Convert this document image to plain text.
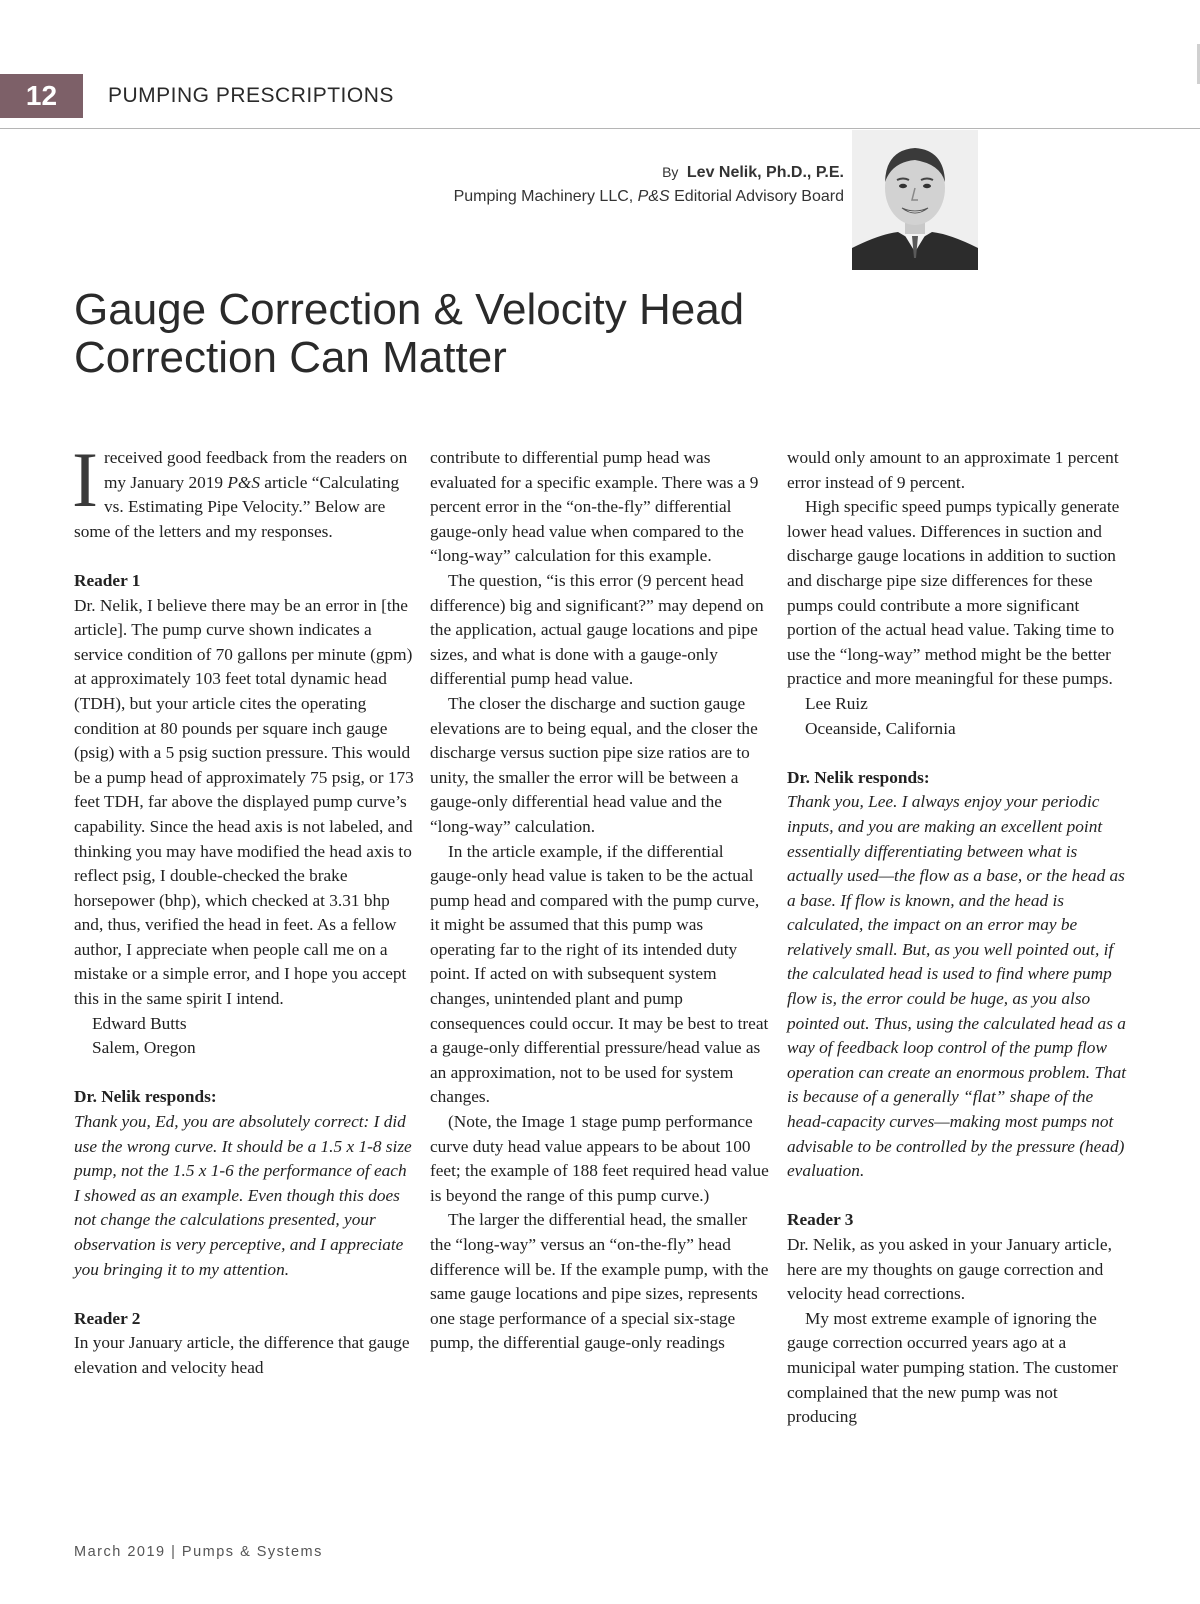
12	PUMPING PRESCRIPTIONS
By Lev Nelik, Ph.D., P.E.
Pumping Machinery LLC, P&S Editorial Advisory Board
Gauge Correction & Velocity Head
Correction Can Matter

Ireceived good feedback from the readers on my January 2019 P&S article “Calculating vs. Estimating Pipe Velocity.” Below are some of the letters and my responses.

Reader 1

Dr. Nelik, I believe there may be an error in [the article]. The pump curve shown indicates a service condition of 70 gallons per minute (gpm) at approximately 103 feet total dynamic head (TDH), but your article cites the operating condition at 80 pounds per square inch gauge (psig) with a 5 psig suction pressure. This would be a pump head of approximately 75 psig, or 173 feet TDH, far above the displayed pump curve’s capability. Since the head axis is not labeled, and thinking you may have modified the head axis to reflect psig, I double-checked the brake horsepower (bhp), which checked at 3.31 bhp and, thus, verified the head in feet. As a fellow author, I appreciate when people call me on a mistake or a simple error, and I hope you accept this in the same spirit I intend.

Edward Butts

Salem, Oregon

Dr. Nelik responds:

Thank you, Ed, you are absolutely correct: I did use the wrong curve. It should be a 1.5 x 1-8 size pump, not the 1.5 x 1-6 the performance of each I showed as an example. Even though this does not change the calculations presented, your observation is very perceptive, and I appreciate you bringing it to my attention.

Reader 2

In your January article, the difference that gauge elevation and velocity head

contribute to differential pump head was evaluated for a specific example. There was a 9 percent error in the “on-the-fly” differential gauge-only head value when compared to the “long-way” calculation for this example.

The question, “is this error (9 percent head difference) big and significant?” may depend on the application, actual gauge locations and pipe sizes, and what is done with a gauge-only differential pump head value.

The closer the discharge and suction gauge elevations are to being equal, and the closer the discharge versus suction pipe size ratios are to unity, the smaller the error will be between a gauge-only differential head value and the “long-way” calculation.

In the article example, if the differential gauge-only head value is taken to be the actual pump head and compared with the pump curve, it might be assumed that this pump was operating far to the right of its intended duty point. If acted on with subsequent system changes, unintended plant and pump consequences could occur. It may be best to treat a gauge-only differential pressure/head value as an approximation, not to be used for system changes.

(Note, the Image 1 stage pump performance curve duty head value appears to be about 100 feet; the example of 188 feet required head value is beyond the range of this pump curve.)

The larger the differential head, the smaller the “long-way” versus an “on-the-fly” head difference will be. If the example pump, with the same gauge locations and pipe sizes, represents one stage performance of a special six-stage pump, the differential gauge-only readings

would only amount to an approximate 1 percent error instead of 9 percent.

High specific speed pumps typically generate lower head values. Differences in suction and discharge gauge locations in addition to suction and discharge pipe size differences for these pumps could contribute a more significant portion of the actual head value. Taking time to use the “long-way” method might be the better practice and more meaningful for these pumps.

Lee Ruiz

Oceanside, California

Dr. Nelik responds:

Thank you, Lee. I always enjoy your periodic inputs, and you are making an excellent point essentially differentiating between what is actually used—the flow as a base, or the head as a base. If flow is known, and the head is calculated, the impact on an error may be relatively small. But, as you well pointed out, if the calculated head is used to find where pump flow is, the error could be huge, as you also pointed out. Thus, using the calculated head as a way of feedback loop control of the pump flow operation can create an enormous problem. That is because of a generally “flat” shape of the head-capacity curves—making most pumps not advisable to be controlled by the pressure (head) evaluation.

Reader 3

Dr. Nelik, as you asked in your January article, here are my thoughts on gauge correction and velocity head corrections.

My most extreme example of ignoring the gauge correction occurred years ago at a municipal water pumping station. The customer complained that the new pump was not producing

March 2019 | Pumps & Systems
